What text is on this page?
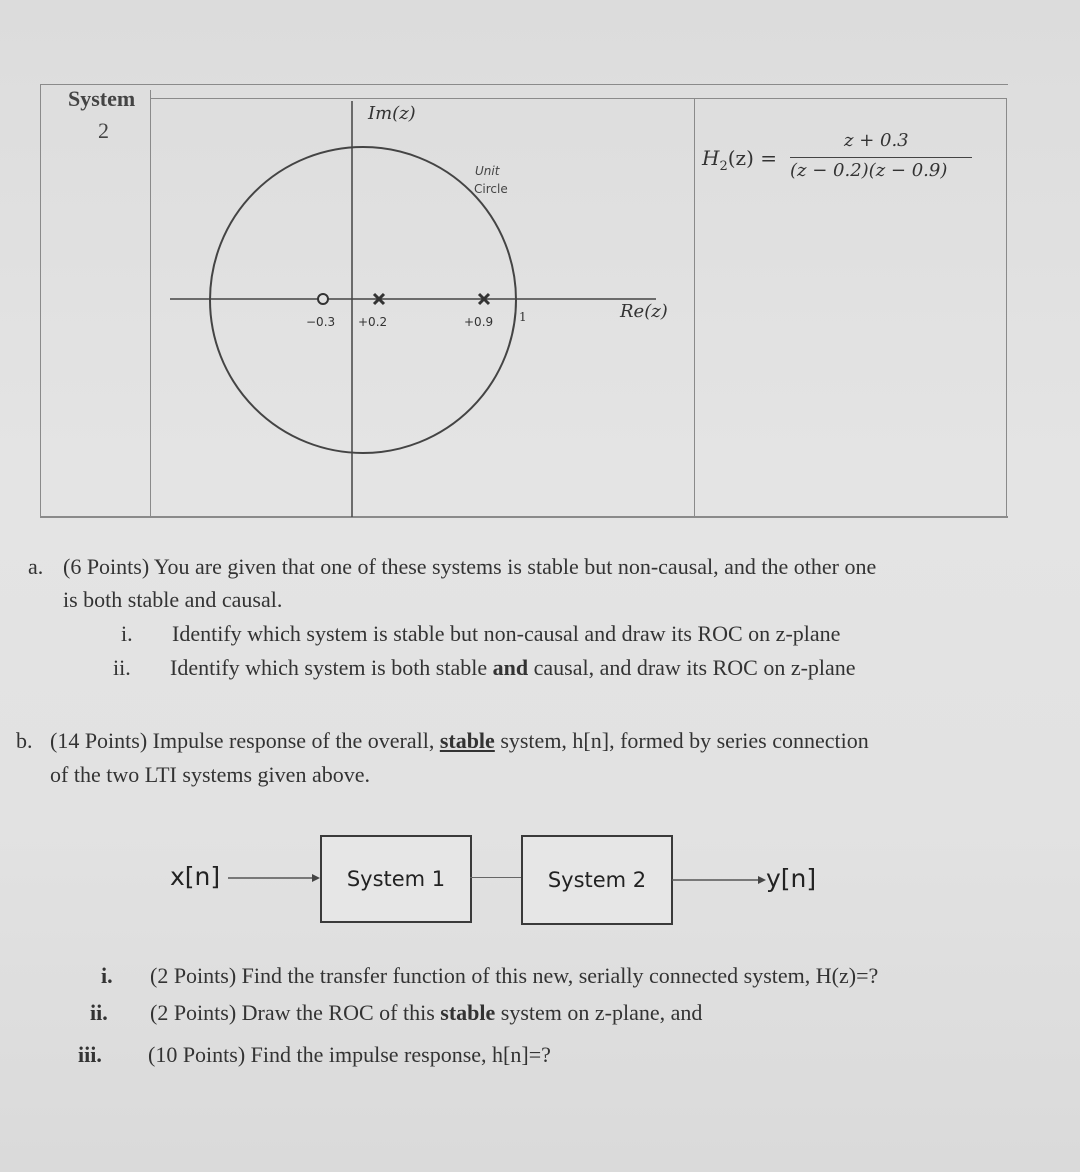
System
2
Im(z)
Re(z)
Unit
Circle
−0.3 +0.2	+0.9 1
$H_2(z)$ =
z + 0.3
(z − 0.2)(z − 0.9)
a. (6 Points) You are given that one of these systems is stable but non-causal, and the other one
is both stable and causal.
i. Identify which system is stable but non-causal and draw its ROC on z-plane
ii. Identify which system is both stable and causal, and draw its ROC on z-plane
b. (14 Points) Impulse response of the overall, stable system, h[n], formed by series connection
of the two LTI systems given above.
x[n]	System 1	System 2	y[n]
i. (2 Points) Find the transfer function of this new, serially connected system, H(z)=?
ii. (2 Points) Draw the ROC of this stable system on z-plane, and
iii. (10 Points) Find the impulse response, h[n]=?
